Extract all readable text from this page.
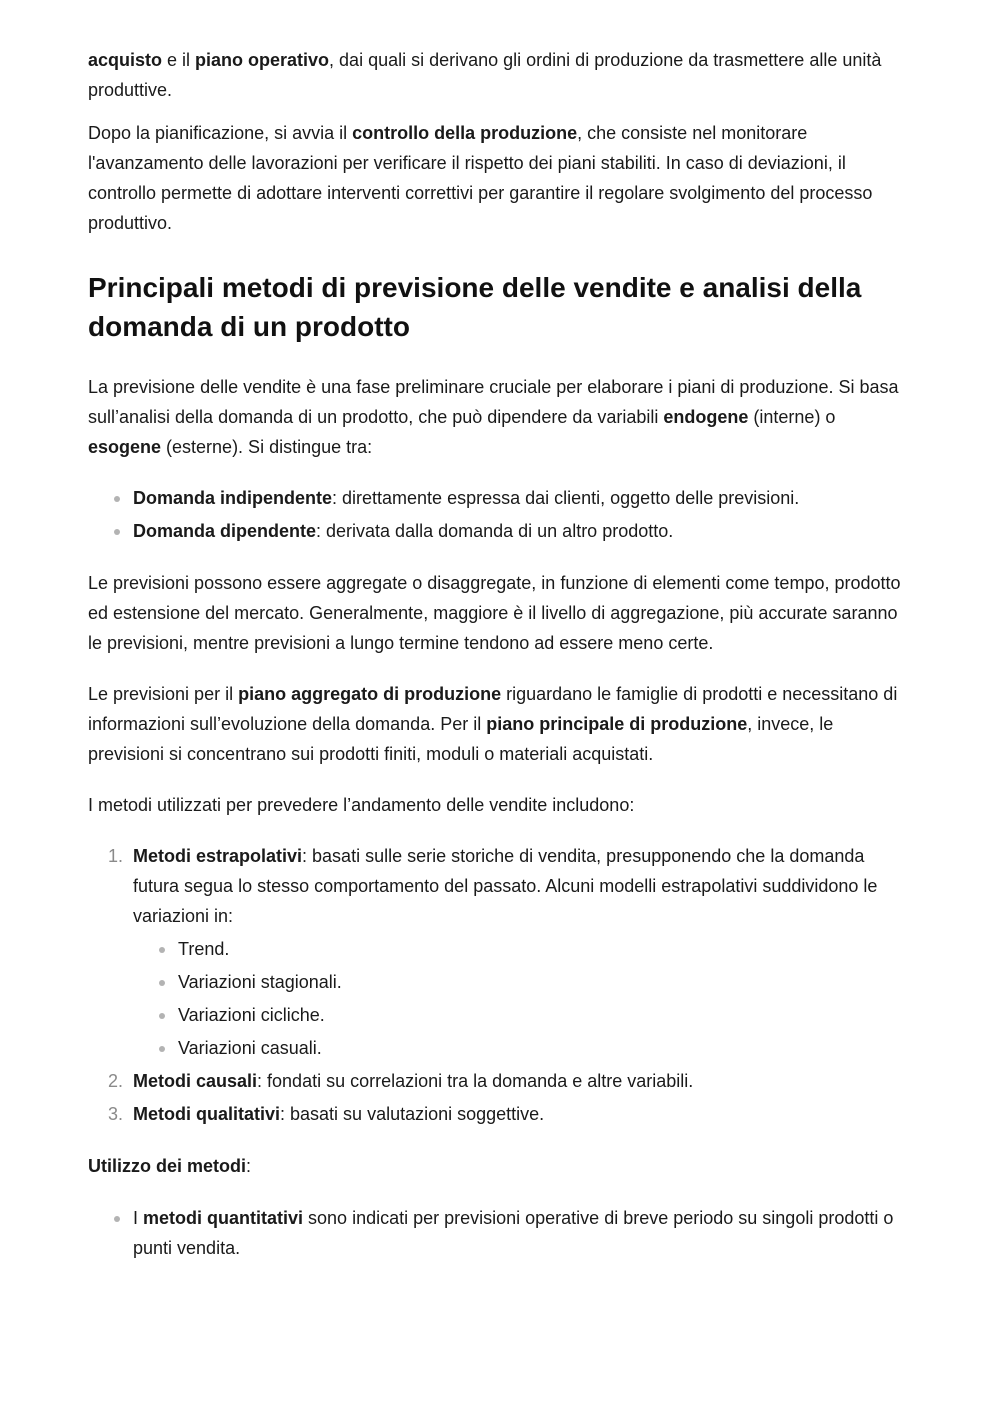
acquisto e il piano operativo, dai quali si derivano gli ordini di produzione da trasmettere alle unità produttive.

Dopo la pianificazione, si avvia il controllo della produzione, che consiste nel monitorare l'avanzamento delle lavorazioni per verificare il rispetto dei piani stabiliti. In caso di deviazioni, il controllo permette di adottare interventi correttivi per garantire il regolare svolgimento del processo produttivo.

Principali metodi di previsione delle vendite e analisi della domanda di un prodotto

La previsione delle vendite è una fase preliminare cruciale per elaborare i piani di produzione. Si basa sull’analisi della domanda di un prodotto, che può dipendere da variabili endogene (interne) o esogene (esterne). Si distingue tra:

Domanda indipendente: direttamente espressa dai clienti, oggetto delle previsioni.
Domanda dipendente: derivata dalla domanda di un altro prodotto.

Le previsioni possono essere aggregate o disaggregate, in funzione di elementi come tempo, prodotto ed estensione del mercato. Generalmente, maggiore è il livello di aggregazione, più accurate saranno le previsioni, mentre previsioni a lungo termine tendono ad essere meno certe.

Le previsioni per il piano aggregato di produzione riguardano le famiglie di prodotti e necessitano di informazioni sull’evoluzione della domanda. Per il piano principale di produzione, invece, le previsioni si concentrano sui prodotti finiti, moduli o materiali acquistati.

I metodi utilizzati per prevedere l’andamento delle vendite includono:

1. Metodi estrapolativi: basati sulle serie storiche di vendita, presupponendo che la domanda futura segua lo stesso comportamento del passato. Alcuni modelli estrapolativi suddividono le variazioni in:
Trend.
Variazioni stagionali.
Variazioni cicliche.
Variazioni casuali.
2. Metodi causali: fondati su correlazioni tra la domanda e altre variabili.
3. Metodi qualitativi: basati su valutazioni soggettive.

Utilizzo dei metodi:

I metodi quantitativi sono indicati per previsioni operative di breve periodo su singoli prodotti o punti vendita.
